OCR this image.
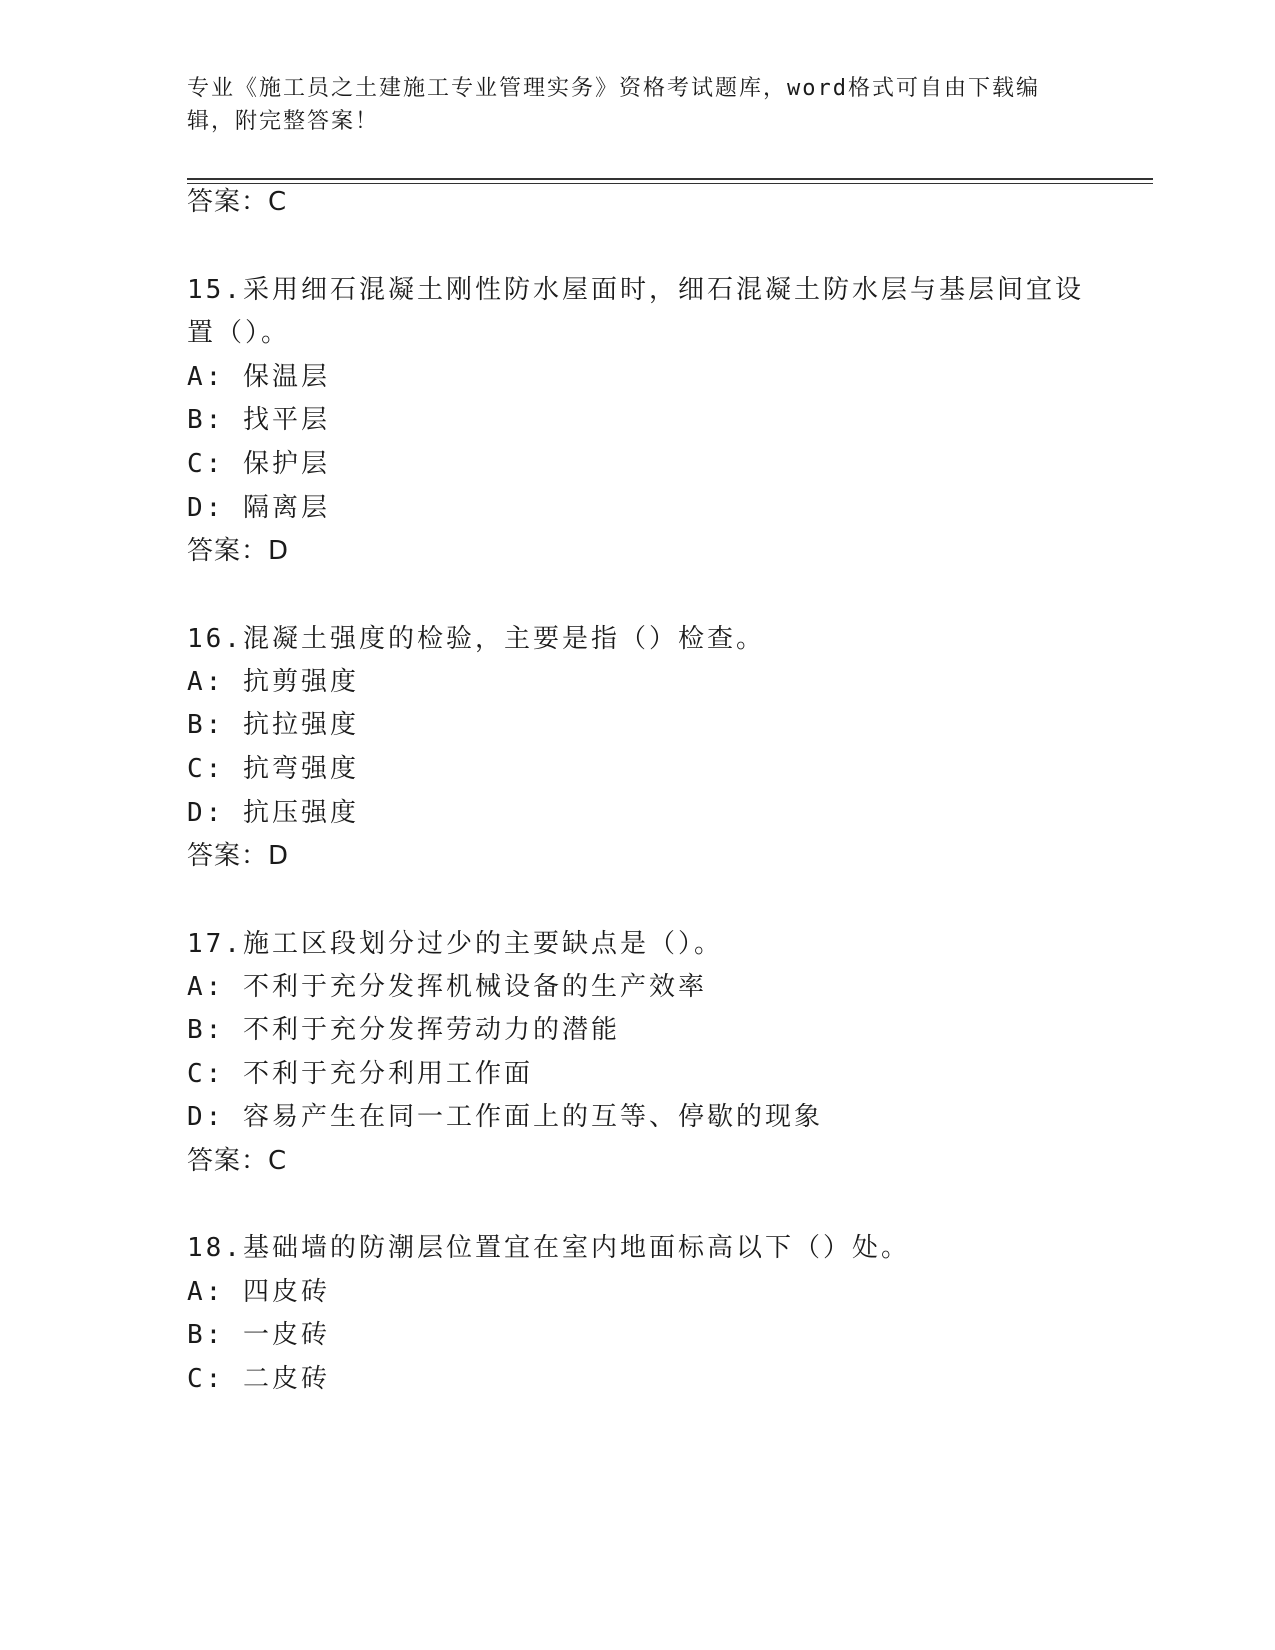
专业《施工员之土建施工专业管理实务》资格考试题库，word格式可自由下载编
辑，附完整答案！
答案：C
15.采用细石混凝土刚性防水屋面时，细石混凝土防水层与基层间宜设
置（）。
A: 保温层
B: 找平层
C: 保护层
D: 隔离层
答案：D
16.混凝土强度的检验，主要是指（）检查。
A: 抗剪强度
B: 抗拉强度
C: 抗弯强度
D: 抗压强度
答案：D
17.施工区段划分过少的主要缺点是（）。
A: 不利于充分发挥机械设备的生产效率
B: 不利于充分发挥劳动力的潜能
C: 不利于充分利用工作面
D: 容易产生在同一工作面上的互等、停歇的现象
答案：C
18.基础墙的防潮层位置宜在室内地面标高以下（）处。
A: 四皮砖
B: 一皮砖
C: 二皮砖
